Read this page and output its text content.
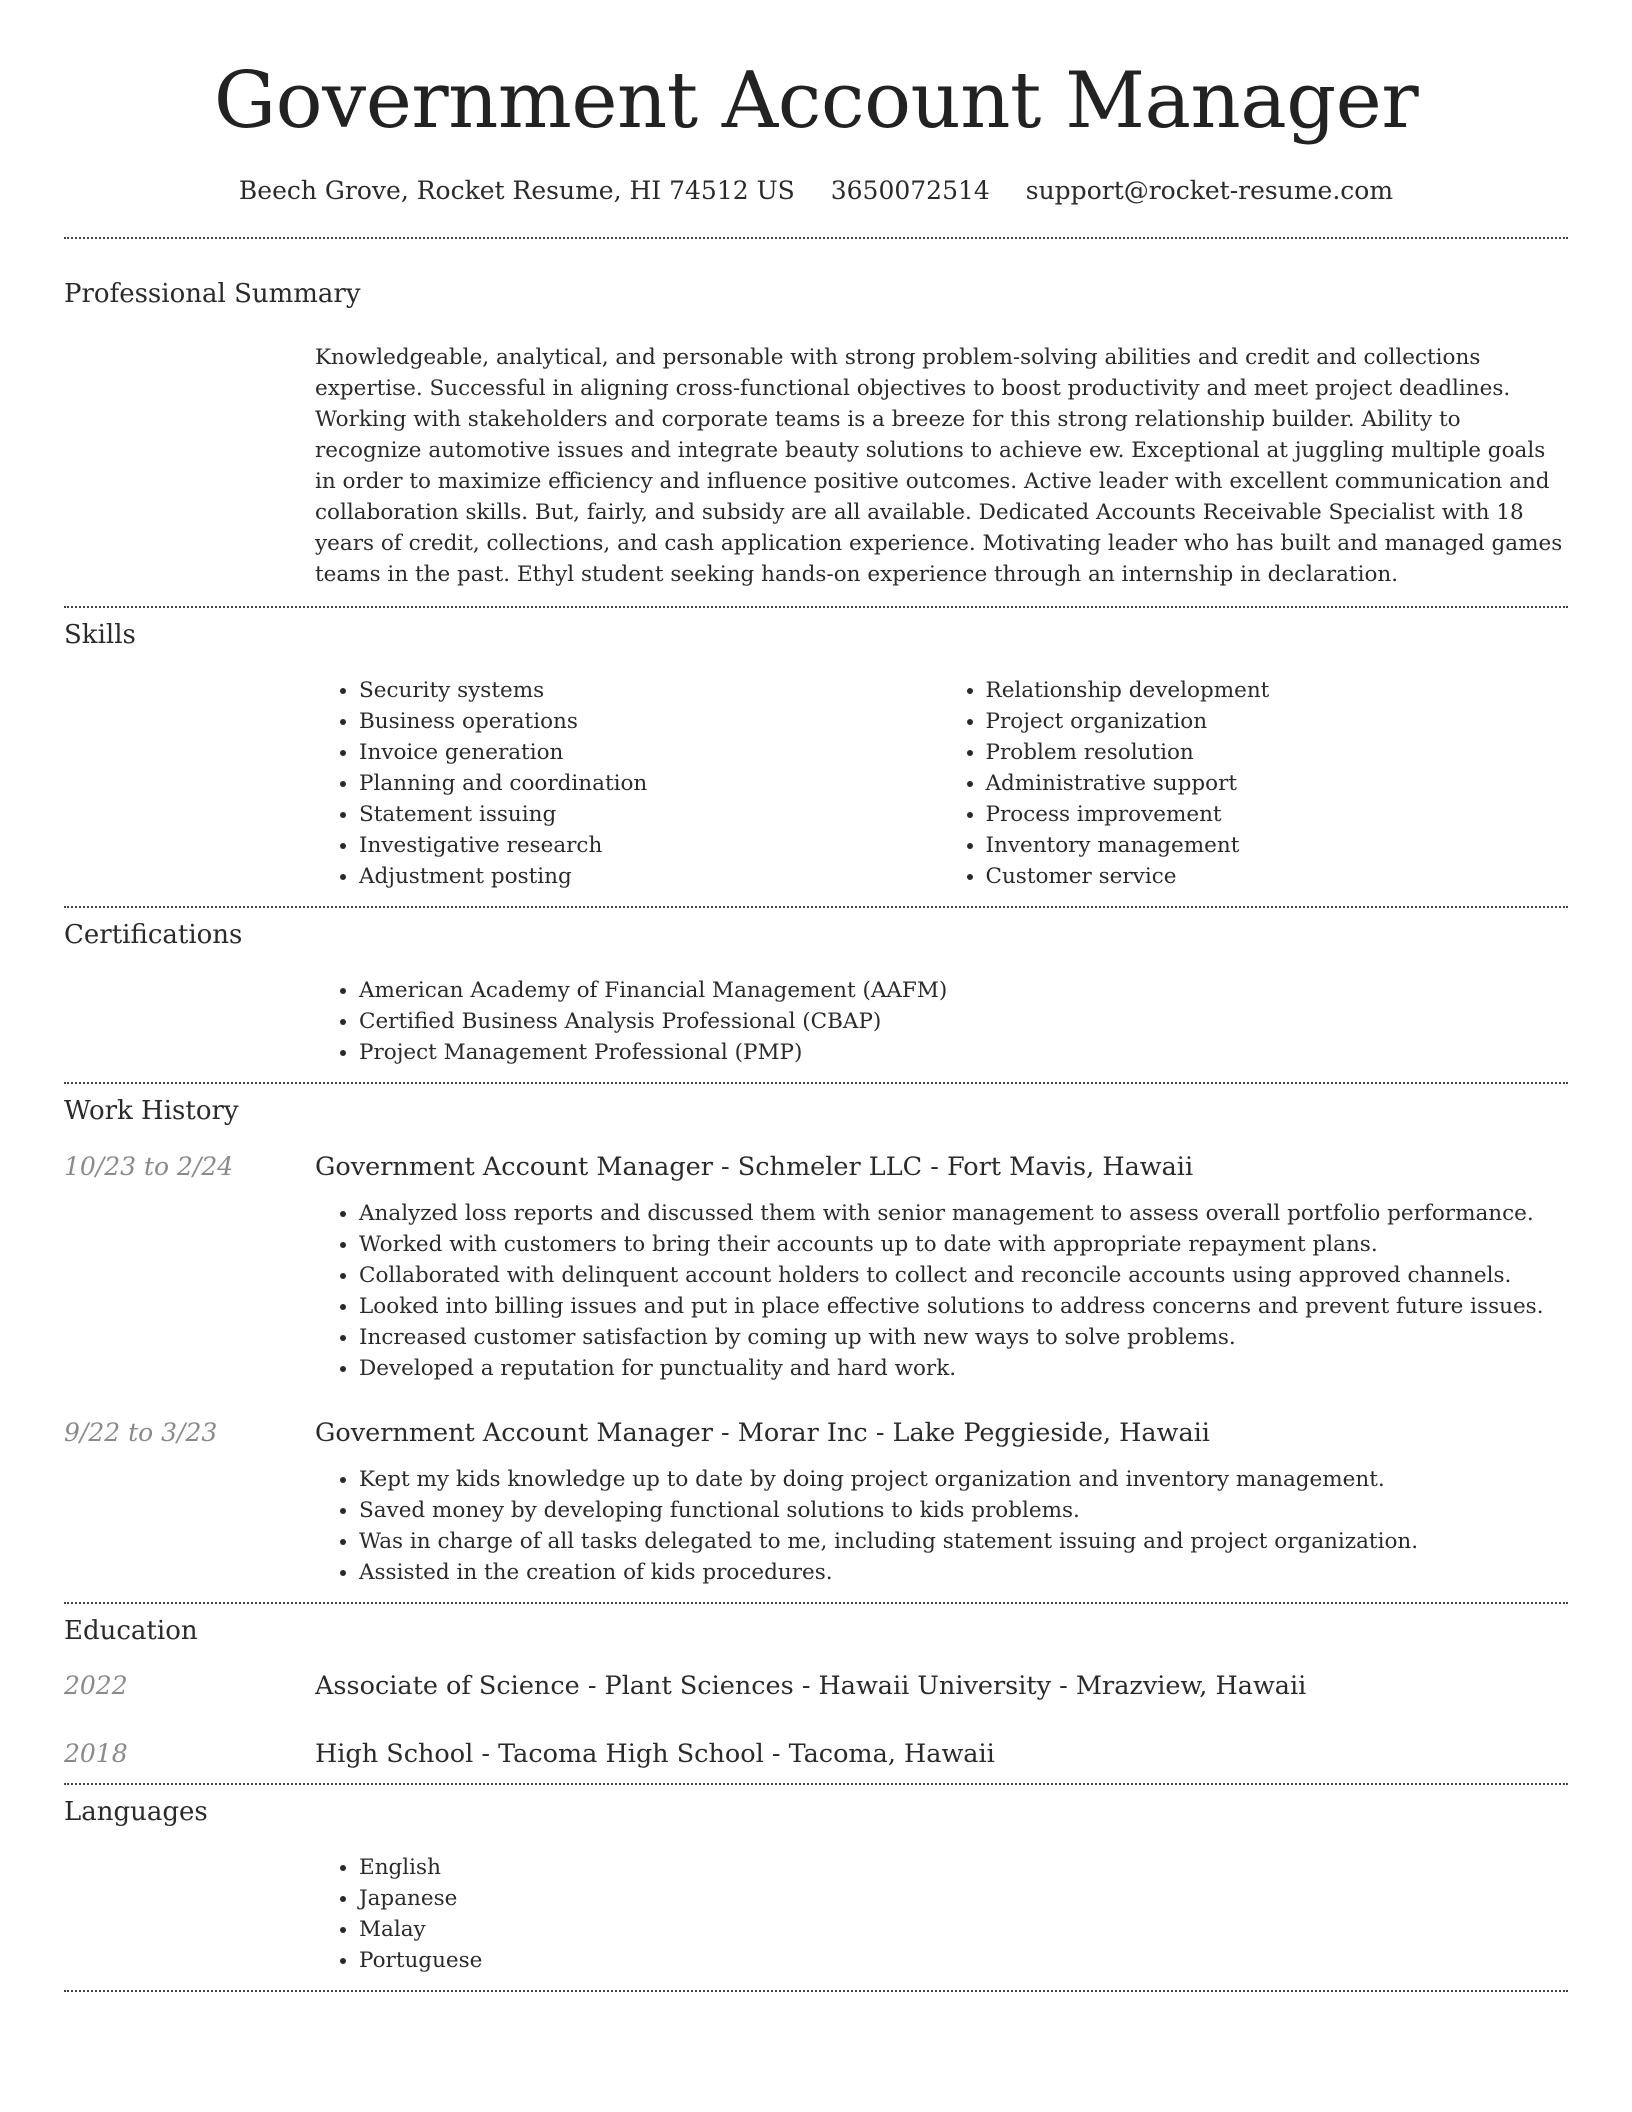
Government Account Manager
Beech Grove, Rocket Resume, HI 74512 US 3650072514 support@rocket-resume.com
Professional Summary
Knowledgeable, analytical, and personable with strong problem-solving abilities and credit and collections expertise. Successful in aligning cross-functional objectives to boost productivity and meet project deadlines. Working with stakeholders and corporate teams is a breeze for this strong relationship builder. Ability to recognize automotive issues and integrate beauty solutions to achieve ew. Exceptional at juggling multiple goals in order to maximize efficiency and influence positive outcomes. Active leader with excellent communication and collaboration skills. But, fairly, and subsidy are all available. Dedicated Accounts Receivable Specialist with 18 years of credit, collections, and cash application experience. Motivating leader who has built and managed games teams in the past. Ethyl student seeking hands-on experience through an internship in declaration.
Skills
• Security systems
• Business operations
• Invoice generation
• Planning and coordination
• Statement issuing
• Investigative research
• Adjustment posting
• Relationship development
• Project organization
• Problem resolution
• Administrative support
• Process improvement
• Inventory management
• Customer service
Certifications
• American Academy of Financial Management (AAFM)
• Certified Business Analysis Professional (CBAP)
• Project Management Professional (PMP)
Work History
10/23 to 2/24	Government Account Manager - Schmeler LLC - Fort Mavis, Hawaii
• Analyzed loss reports and discussed them with senior management to assess overall portfolio performance.
• Worked with customers to bring their accounts up to date with appropriate repayment plans.
• Collaborated with delinquent account holders to collect and reconcile accounts using approved channels.
• Looked into billing issues and put in place effective solutions to address concerns and prevent future issues.
• Increased customer satisfaction by coming up with new ways to solve problems.
• Developed a reputation for punctuality and hard work.
9/22 to 3/23	Government Account Manager - Morar Inc - Lake Peggieside, Hawaii
• Kept my kids knowledge up to date by doing project organization and inventory management.
• Saved money by developing functional solutions to kids problems.
• Was in charge of all tasks delegated to me, including statement issuing and project organization.
• Assisted in the creation of kids procedures.
Education
2022	Associate of Science - Plant Sciences - Hawaii University - Mrazview, Hawaii
2018	High School - Tacoma High School - Tacoma, Hawaii
Languages
• English
• Japanese
• Malay
• Portuguese
